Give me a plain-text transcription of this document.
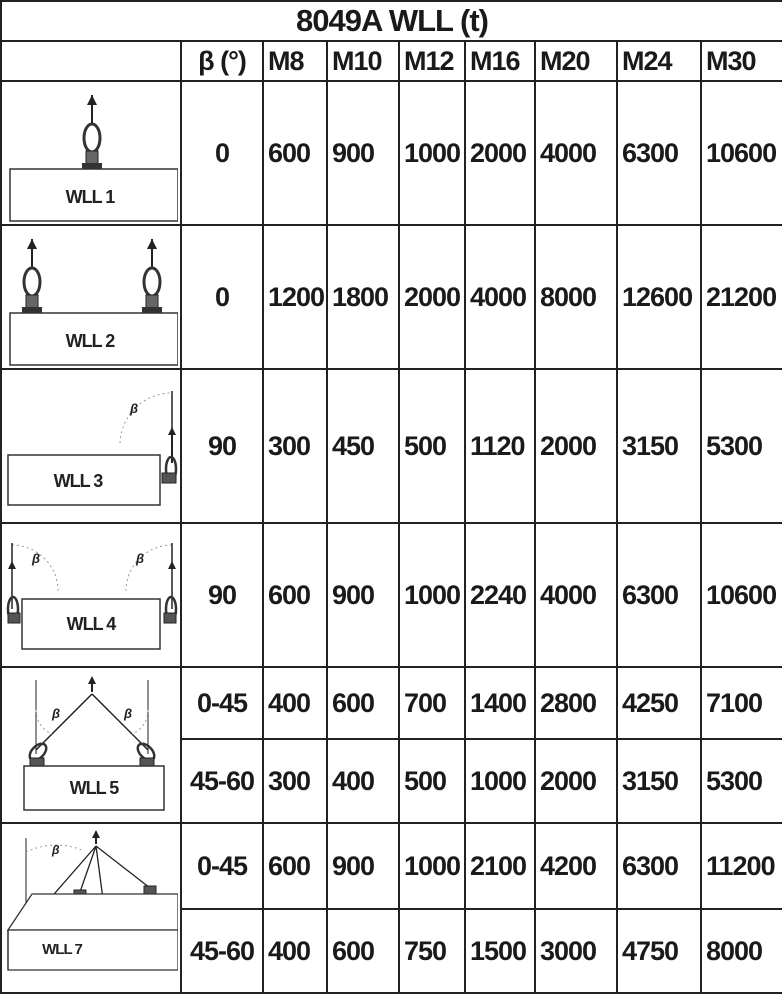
8049A WLL (t)								
	β (°)	M8	M10	M12	M16	M20	M24	M30

WLL 1	0	600	900	1000	2000	4000	6300	10600

WLL 2	0	1200	1800	2000	4000	8000	12600	21200

β
WLL 3	90	300	450	500	1120	2000	3150	5300

β β
WLL 4	90	600	900	1000	2240	4000	6300	10600

β β
WLL 5	0-45	400	600	700	1400	2800	4250	7100
	45-60	300	400	500	1000	2000	3150	5300

β
WLL 7	0-45	600	900	1000	2100	4200	6300	11200
	45-60	400	600	750	1500	3000	4750	8000
